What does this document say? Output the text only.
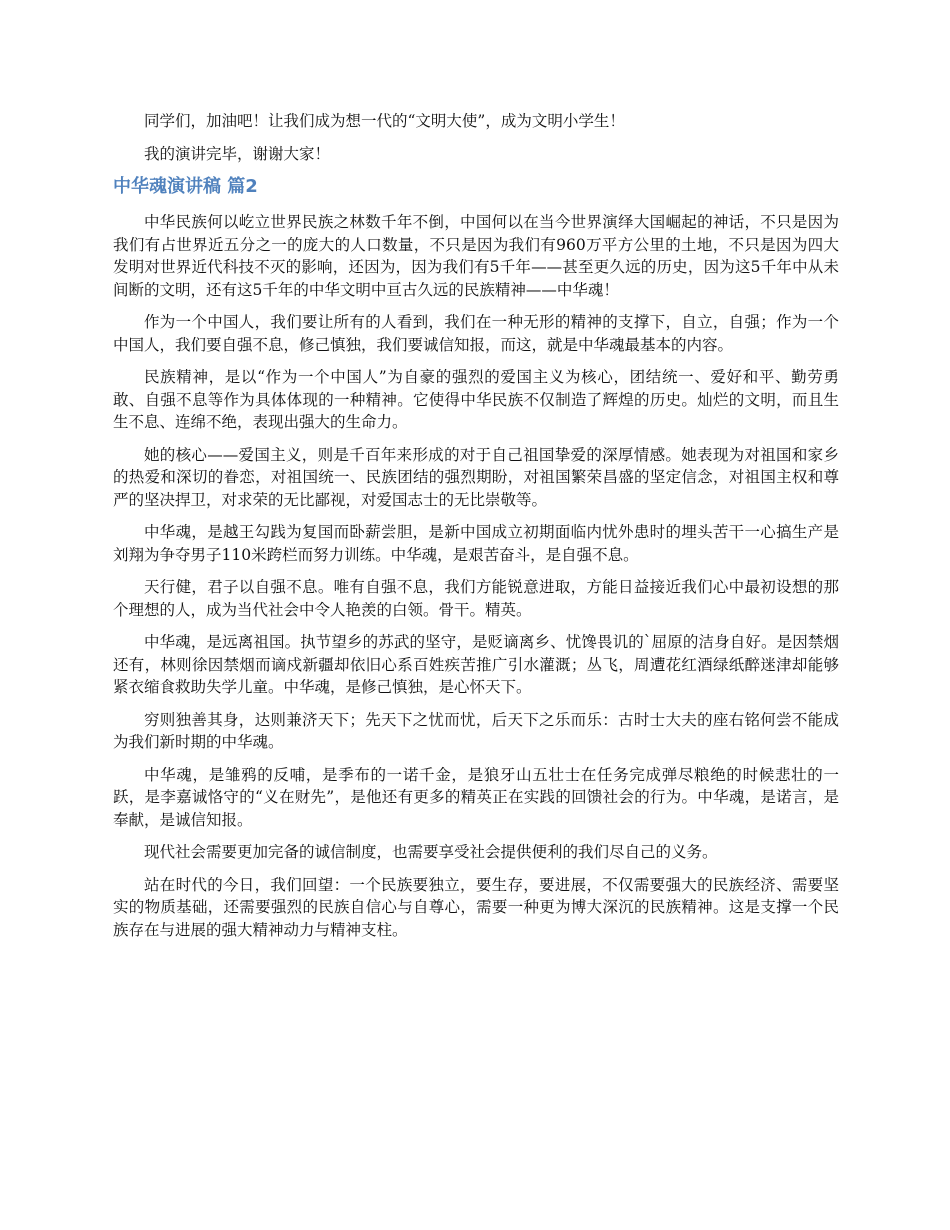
同学们，加油吧！让我们成为想一代的“文明大使”，成为文明小学生！

我的演讲完毕，谢谢大家！

中华魂演讲稿 篇2

中华民族何以屹立世界民族之林数千年不倒，中国何以在当今世界演绎大国崛起的神话，不只是因为我们有占世界近五分之一的庞大的人口数量，不只是因为我们有960万平方公里的土地，不只是因为四大发明对世界近代科技不灭的影响，还因为，因为我们有5千年——甚至更久远的历史，因为这5千年中从未间断的文明，还有这5千年的中华文明中亘古久远的民族精神——中华魂！

作为一个中国人，我们要让所有的人看到，我们在一种无形的精神的支撑下，自立，自强；作为一个中国人，我们要自强不息，修己慎独，我们要诚信知报，而这，就是中华魂最基本的内容。

民族精神，是以“作为一个中国人”为自豪的强烈的爱国主义为核心，团结统一、爱好和平、勤劳勇敢、自强不息等作为具体体现的一种精神。它使得中华民族不仅制造了辉煌的历史。灿烂的文明，而且生生不息、连绵不绝，表现出强大的生命力。

她的核心——爱国主义，则是千百年来形成的对于自己祖国挚爱的深厚情感。她表现为对祖国和家乡的热爱和深切的眷恋，对祖国统一、民族团结的强烈期盼，对祖国繁荣昌盛的坚定信念，对祖国主权和尊严的坚决捍卫，对求荣的无比鄙视，对爱国志士的无比崇敬等。

中华魂，是越王勾践为复国而卧薪尝胆，是新中国成立初期面临内忧外患时的埋头苦干一心搞生产是刘翔为争夺男子110米跨栏而努力训练。中华魂，是艰苦奋斗，是自强不息。

天行健，君子以自强不息。唯有自强不息，我们方能锐意进取，方能日益接近我们心中最初设想的那个理想的人，成为当代社会中令人艳羡的白领。骨干。精英。

中华魂，是远离祖国。执节望乡的苏武的坚守，是贬谪离乡、忧馋畏讥的`屈原的洁身自好。是因禁烟还有，林则徐因禁烟而谪戍新疆却依旧心系百姓疾苦推广引水灌溉；丛飞，周遭花红酒绿纸醉迷津却能够紧衣缩食救助失学儿童。中华魂，是修己慎独，是心怀天下。

穷则独善其身，达则兼济天下；先天下之忧而忧，后天下之乐而乐：古时士大夫的座右铭何尝不能成为我们新时期的中华魂。

中华魂，是雏鸦的反哺，是季布的一诺千金，是狼牙山五壮士在任务完成弹尽粮绝的时候悲壮的一跃，是李嘉诚恪守的“义在财先”，是他还有更多的精英正在实践的回馈社会的行为。中华魂，是诺言，是奉献，是诚信知报。

现代社会需要更加完备的诚信制度，也需要享受社会提供便利的我们尽自己的义务。

站在时代的今日，我们回望：一个民族要独立，要生存，要进展，不仅需要强大的民族经济、需要坚实的物质基础，还需要强烈的民族自信心与自尊心，需要一种更为博大深沉的民族精神。这是支撑一个民族存在与进展的强大精神动力与精神支柱。
